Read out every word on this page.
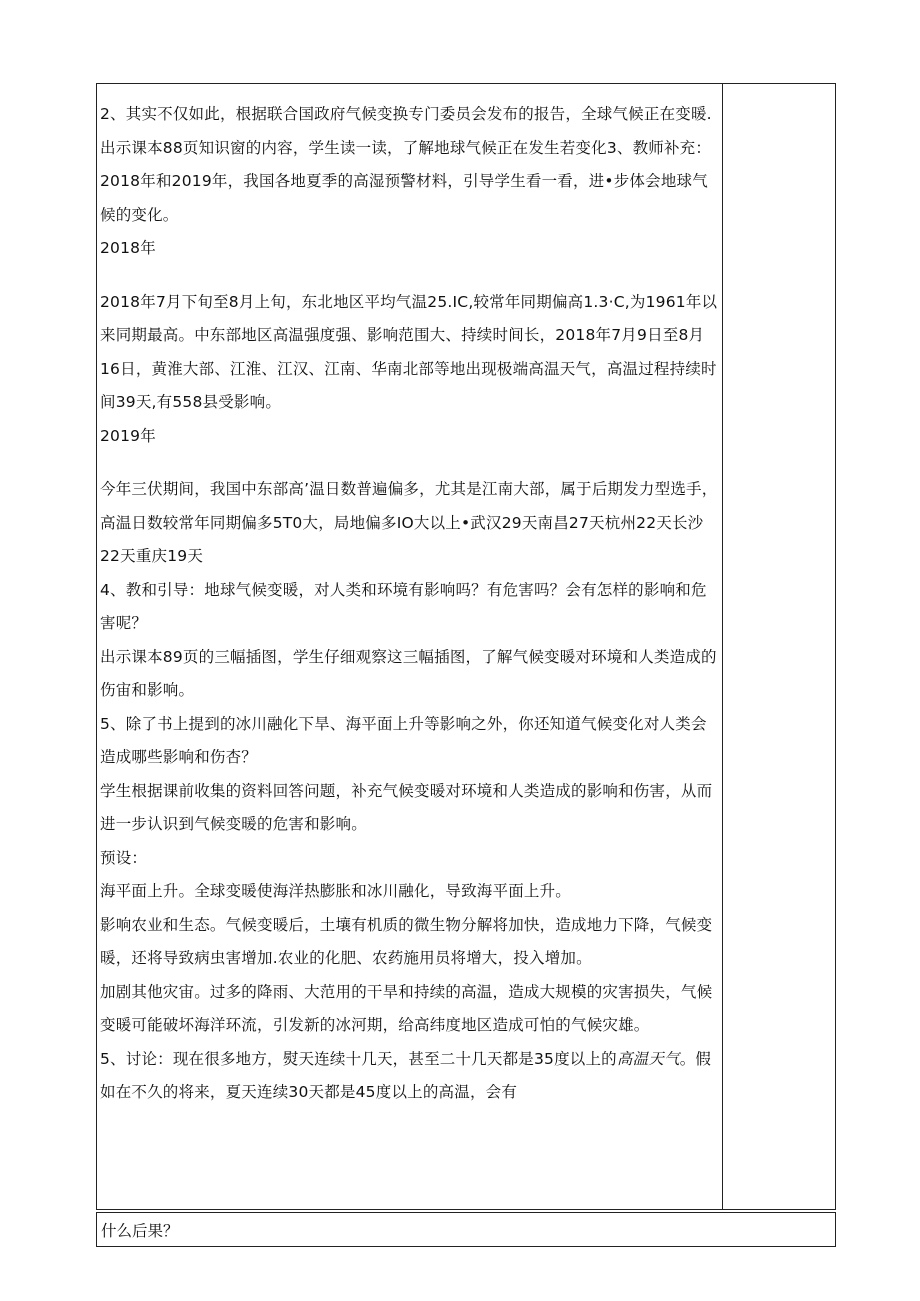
2、其实不仅如此，根据联合国政府气候变换专门委员会发布的报告，全球气候正在变暖.

出示课本88页知识窗的内容，学生读一读，了解地球气候正在发生若变化3、教师补充：2018年和2019年，我国各地夏季的高湿预警材料，引导学生看一看，进•步体会地球气候的变化。

2018年

2018年7月下旬至8月上旬，东北地区平均气温25.IC,较常年同期偏高1.3·C,为1961年以来同期最高。中东部地区高温强度强、影响范围大、持续时间长，2018年7月9日至8月16日，黄淮大部、江淮、江汉、江南、华南北部等地出现极端高温天气，高温过程持续时间39天,有558县受影响。

2019年

今年三伏期间，我国中东部高’温日数普遍偏多，尤其是江南大部，属于后期发力型选手，高温日数较常年同期偏多5T0大，局地偏多IO大以上•武汉29天南昌27天杭州22天长沙22天重庆19天

4、教和引导：地球气候变暖，对人类和环境有影响吗？有危害吗？会有怎样的影响和危害呢？

出示课本89页的三幅插图，学生仔细观察这三幅插图，了解气候变暖对环境和人类造成的伤宙和影响。

5、除了书上提到的冰川融化下旱、海平面上升等影响之外，你还知道气候变化对人类会造成哪些影响和伤杏？

学生根据课前收集的资料回答问题，补充气候变暖对环境和人类造成的影响和伤害，从而进一步认识到气候变暖的危害和影响。

预设：

海平面上升。全球变暖使海洋热膨胀和冰川融化，导致海平面上升。

影响农业和生态。气候变暖后，土壤有机质的微生物分解将加快，造成地力下降，气候变暖，还将导致病虫害增加.农业的化肥、农药施用员将增大，投入增加。

加剧其他灾宙。过多的降雨、大范用的干旱和持续的高温，造成大规模的灾害损失，气候变暖可能破坏海洋环流，引发新的冰河期，给高纬度地区造成可怕的气候灾雄。

5、讨论：现在很多地方，熨天连续十几天，甚至二十几天都是35度以上的高温天气。假如在不久的将来，夏天连续30天都是45度以上的高温，会有

什么后果？
